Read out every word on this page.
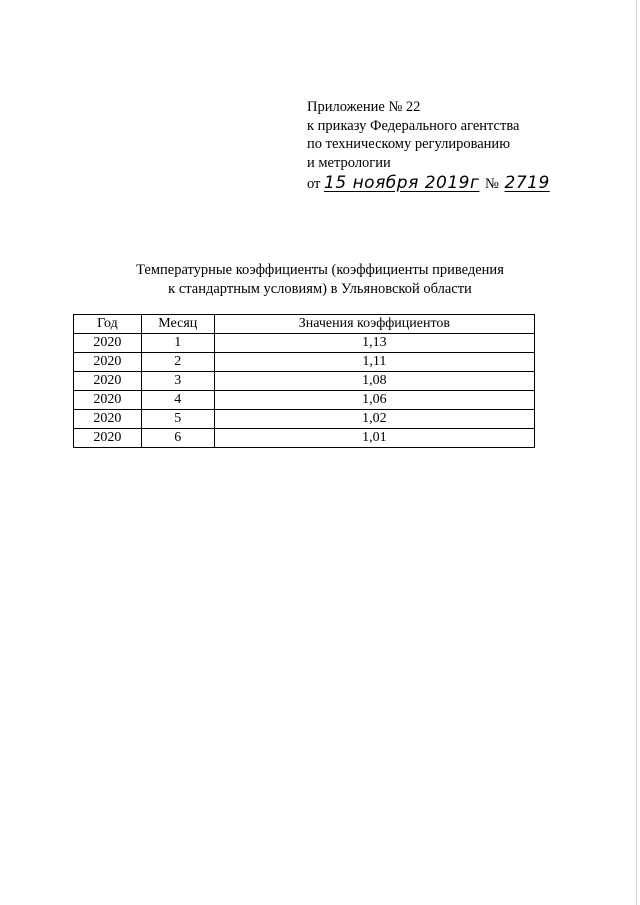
Приложение № 22
к приказу Федерального агентства
по техническому регулированию
и метрологии
от 15 ноября 2019г № 2719
Температурные коэффициенты (коэффициенты приведения
к стандартным условиям) в Ульяновской области
Год	Месяц	Значения коэффициентов
2020	1	1,13
2020	2	1,11
2020	3	1,08
2020	4	1,06
2020	5	1,02
2020	6	1,01
